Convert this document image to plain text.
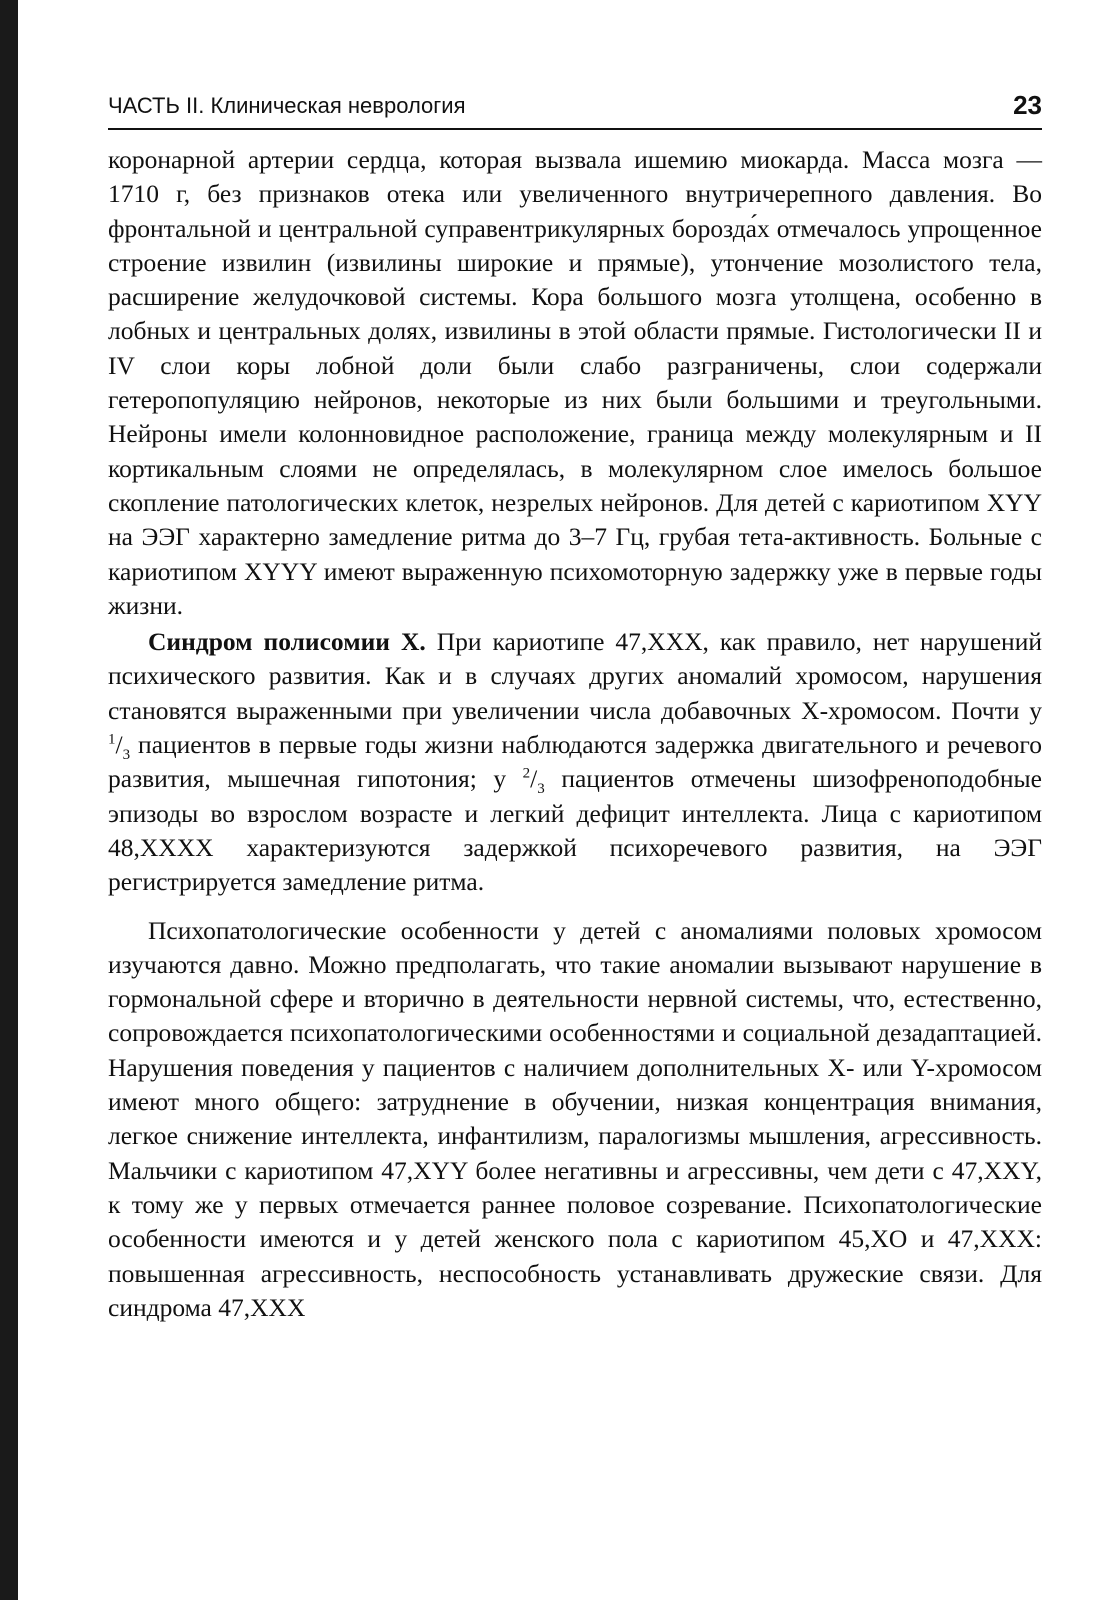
ЧАСТЬ II. Клиническая неврология	23

коронарной артерии сердца, которая вызвала ишемию миокарда. Масса мозга — 1710 г, без признаков отека или увеличенного внутричерепного давления. Во фронтальной и центральной суправентрикулярных борозда́х отмечалось упрощенное строение извилин (извилины широкие и прямые), утончение мозолистого тела, расширение желудочковой системы. Кора большого мозга утолщена, особенно в лобных и центральных долях, извилины в этой области прямые. Гистологически II и IV слои коры лобной доли были слабо разграничены, слои содержали гетеропопуляцию нейронов, некоторые из них были большими и треугольными. Нейроны имели колонновидное расположение, граница между молекулярным и II кортикальным слоями не определялась, в молекулярном слое имелось большое скопление патологических клеток, незрелых нейронов. Для детей с кариотипом XYY на ЭЭГ характерно замедление ритма до 3–7 Гц, грубая тета-активность. Больные с кариотипом XYYY имеют выраженную психомоторную задержку уже в первые годы жизни.

Синдром полисомии X. При кариотипе 47,XXX, как правило, нет нарушений психического развития. Как и в случаях других аномалий хромосом, нарушения становятся выраженными при увеличении числа добавочных X-хромосом. Почти у $^1/_3$ пациентов в первые годы жизни наблюдаются задержка двигательного и речевого развития, мышечная гипотония; у $^2/_3$ пациентов отмечены шизофреноподобные эпизоды во взрослом возрасте и легкий дефицит интеллекта. Лица с кариотипом 48,XXXX характеризуются задержкой психоречевого развития, на ЭЭГ регистрируется замедление ритма.

Психопатологические особенности у детей с аномалиями половых хромосом изучаются давно. Можно предполагать, что такие аномалии вызывают нарушение в гормональной сфере и вторично в деятельности нервной системы, что, естественно, сопровождается психопатологическими особенностями и социальной дезадаптацией. Нарушения поведения у пациентов с наличием дополнительных X- или Y-хромосом имеют много общего: затруднение в обучении, низкая концентрация внимания, легкое снижение интеллекта, инфантилизм, паралогизмы мышления, агрессивность. Мальчики с кариотипом 47,XYY более негативны и агрессивны, чем дети с 47,XXY, к тому же у первых отмечается раннее половое созревание. Психопатологические особенности имеются и у детей женского пола с кариотипом 45,XO и 47,XXX: повышенная агрессивность, неспособность устанавливать дружеские связи. Для синдрома 47,XXX
